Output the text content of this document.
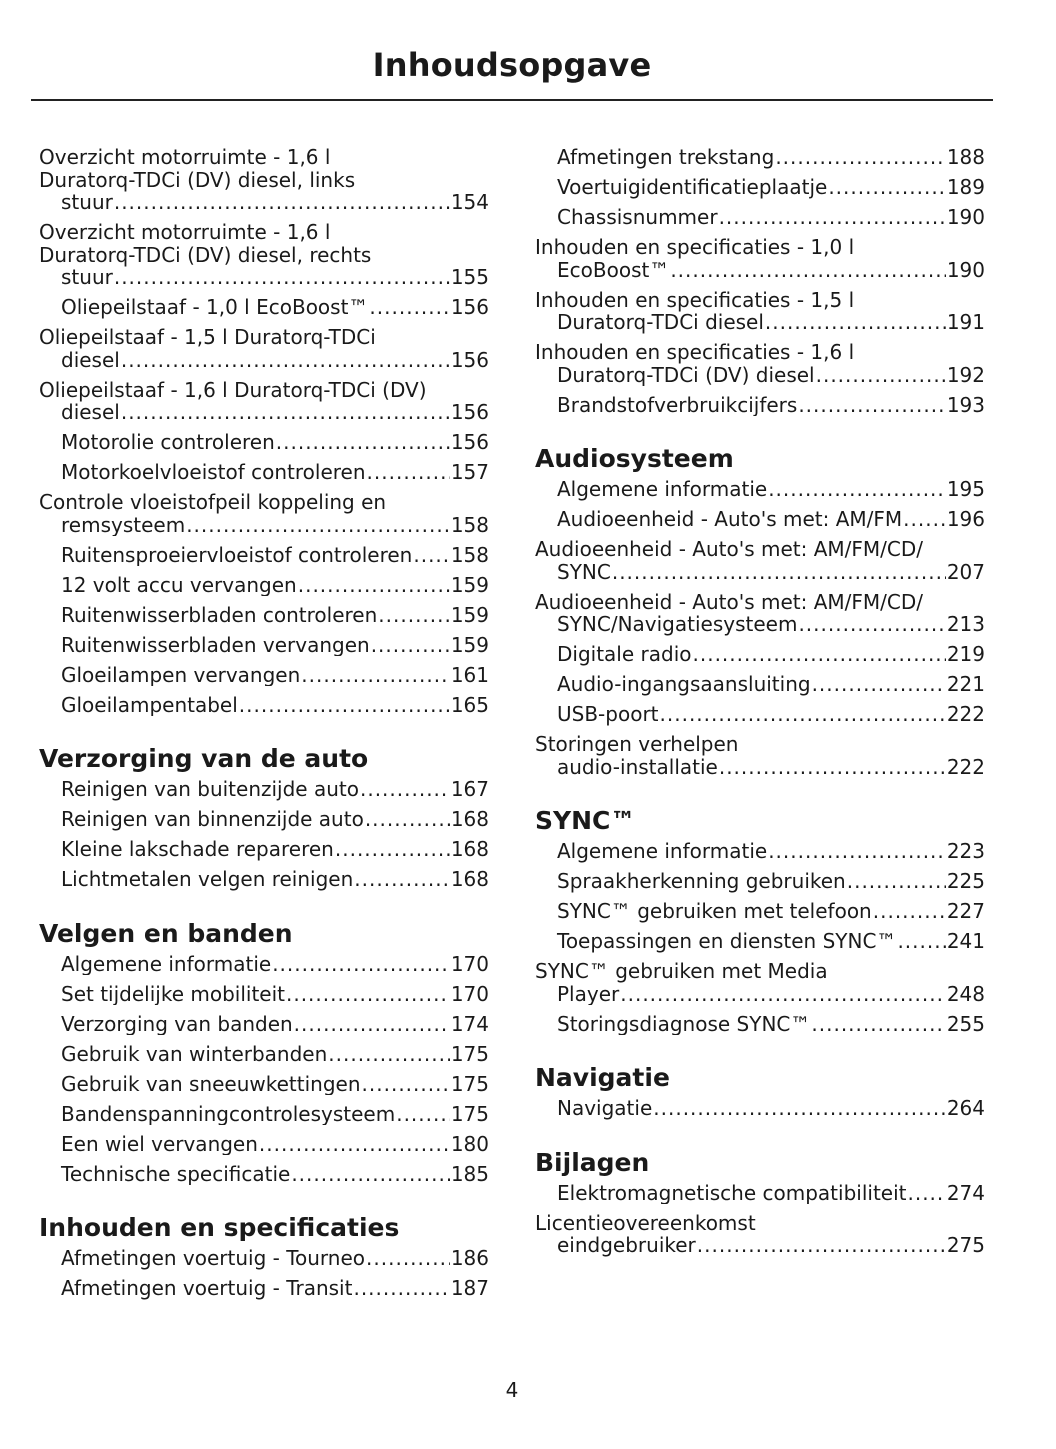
Inhoudsopgave
Overzicht motorruimte - 1,6 l
Duratorq-TDCi (DV) diesel, links
stuur .....	154
Overzicht motorruimte - 1,6 l
Duratorq-TDCi (DV) diesel, rechts
stuur .....	155
Oliepeilstaaf - 1,0 l EcoBoost™ .....	156
Oliepeilstaaf - 1,5 l Duratorq-TDCi
diesel .....	156
Oliepeilstaaf - 1,6 l Duratorq-TDCi (DV)
diesel .....	156
Motorolie controleren .....	156
Motorkoelvloeistof controleren .....	157
Controle vloeistofpeil koppeling en
remsysteem .....	158
Ruitensproeiervloeistof controleren ..... 158
12 volt accu vervangen .....	159
Ruitenwisserbladen controleren .....	159
Ruitenwisserbladen vervangen .....	159
Gloeilampen vervangen .....	161
Gloeilampentabel .....	165
Verzorging van de auto
Reinigen van buitenzijde auto .....	167
Reinigen van binnenzijde auto .....	168
Kleine lakschade repareren .....	168
Lichtmetalen velgen reinigen .....	168
Velgen en banden
Algemene informatie .....	170
Set tijdelijke mobiliteit .....	170
Verzorging van banden .....	174
Gebruik van winterbanden .....	175
Gebruik van sneeuwkettingen .....	175
Bandenspanningcontrolesysteem .....	175
Een wiel vervangen .....	180
Technische specificatie .....	185
Inhouden en specificaties
Afmetingen voertuig - Tourneo .....	186
Afmetingen voertuig - Transit .....	187
Afmetingen trekstang .....	188
Voertuigidentificatieplaatje .....	189
Chassisnummer .....	190
Inhouden en specificaties - 1,0 l
EcoBoost™ .....	190
Inhouden en specificaties - 1,5 l
Duratorq-TDCi diesel .....	191
Inhouden en specificaties - 1,6 l
Duratorq-TDCi (DV) diesel .....	192
Brandstofverbruikcijfers .....	193
Audiosysteem
Algemene informatie .....	195
Audioeenheid - Auto's met: AM/FM ..... 196
Audioeenheid - Auto's met: AM/FM/CD/
SYNC .....	207
Audioeenheid - Auto's met: AM/FM/CD/
SYNC/Navigatiesysteem .....	213
Digitale radio .....	219
Audio-ingangsaansluiting .....	221
USB-poort .....	222
Storingen verhelpen
audio-installatie .....	222
SYNC™
Algemene informatie .....	223
Spraakherkenning gebruiken .....	225
SYNC™ gebruiken met telefoon .....	227
Toepassingen en diensten SYNC™ .....	241
SYNC™ gebruiken met Media
Player .....	248
Storingsdiagnose SYNC™ .....	255
Navigatie
Navigatie .....	264
Bijlagen
Elektromagnetische compatibiliteit ..... 274
Licentieovereenkomst
eindgebruiker .....	275
4
